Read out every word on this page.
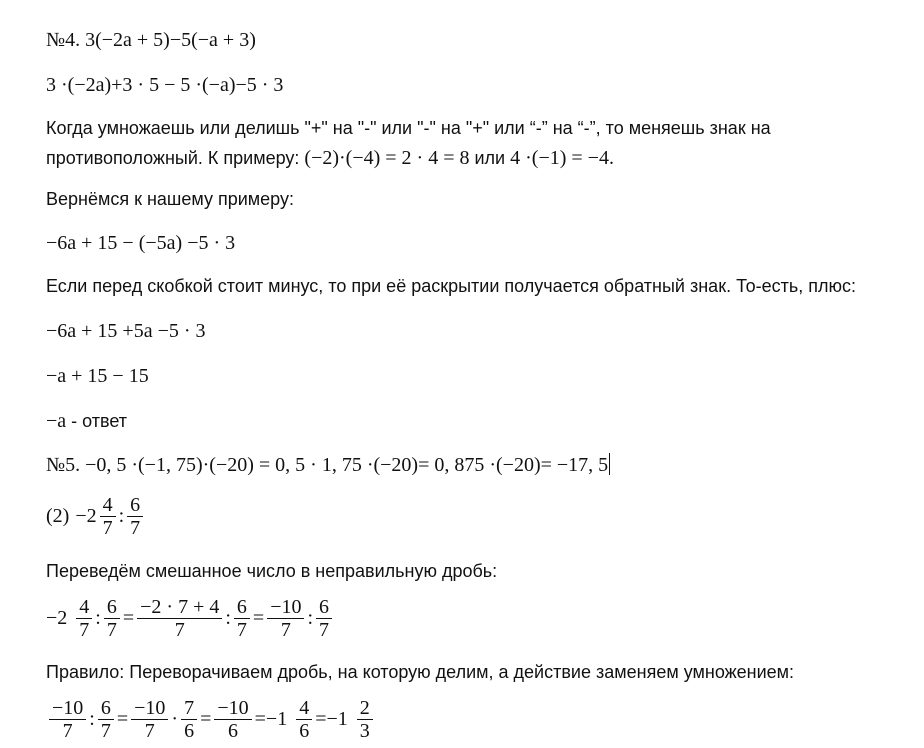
№4. 3(−2a + 5)−5(−a + 3)
3 ·(−2a)+3 · 5 − 5 ·(−a)−5 · 3
Когда умножаешь или делишь "+" на "-" или "-" на "+" или “-” на “-”, то меняешь знак на
противоположный. К примеру: (−2)·(−4) = 2 · 4 = 8 или 4 ·(−1) = −4.
Вернёмся к нашему примеру:
−6a + 15 − (−5a) −5 · 3
Если перед скобкой стоит минус, то при её раскрытии получается обратный знак. То-есть, плюс:
−6a + 15 +5a −5 · 3
−a + 15 − 15
−a - ответ
№5. −0, 5 ·(−1, 75)·(−20) = 0, 5 · 1, 75 ·(−20)= 0, 875 ·(−20)= −17, 5
$(2) -2 \frac{4}{7}$ : $\frac{6}{7}$
Переведём смешанное число в неправильную дробь:
$-2 \frac{4}{7}$ : $\frac{6}{7} = \frac{-2 \cdot 7 + 4}{7}$ : $\frac{6}{7} = \frac{-10}{7}$ : $\frac{6}{7}$
Правило: Переворачиваем дробь, на которую делим, а действие заменяем умножением:
$\frac{-10}{7}$ : $\frac{6}{7} = \frac{-10}{7} \cdot \frac{7}{6} = \frac{-10}{6} = -1 \frac{4}{6} = -1 \frac{2}{3}$
